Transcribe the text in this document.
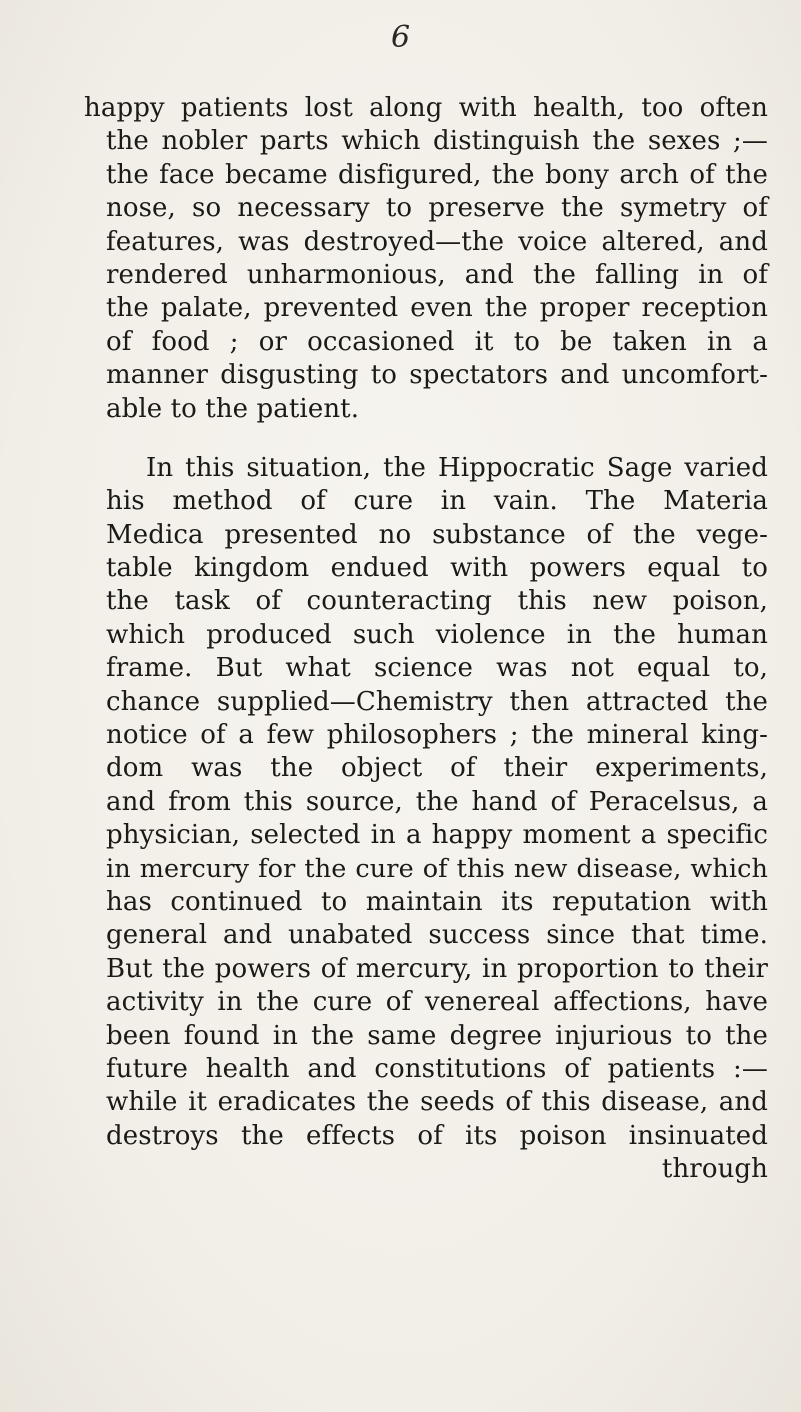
6
happy patients lost along with health, too often
the nobler parts which distinguish the sexes ;—
the face became disfigured, the bony arch of the
nose, so necessary to preserve the symetry of
features, was destroyed—the voice altered, and
rendered unharmonious, and the falling in of
the palate, prevented even the proper reception
of food ; or occasioned it to be taken in a
manner disgusting to spectators and uncomfort-
able to the patient.
In this situation, the Hippocratic Sage varied
his method of cure in vain. The Materia
Medica presented no substance of the vege-
table kingdom endued with powers equal to
the task of counteracting this new poison,
which produced such violence in the human
frame. But what science was not equal to,
chance supplied—Chemistry then attracted the
notice of a few philosophers ; the mineral king-
dom was the object of their experiments,
and from this source, the hand of Peracelsus, a
physician, selected in a happy moment a specific
in mercury for the cure of this new disease, which
has continued to maintain its reputation with
general and unabated success since that time.
But the powers of mercury, in proportion to their
activity in the cure of venereal affections, have
been found in the same degree injurious to the
future health and constitutions of patients :—
while it eradicates the seeds of this disease, and
destroys the effects of its poison insinuated
through
